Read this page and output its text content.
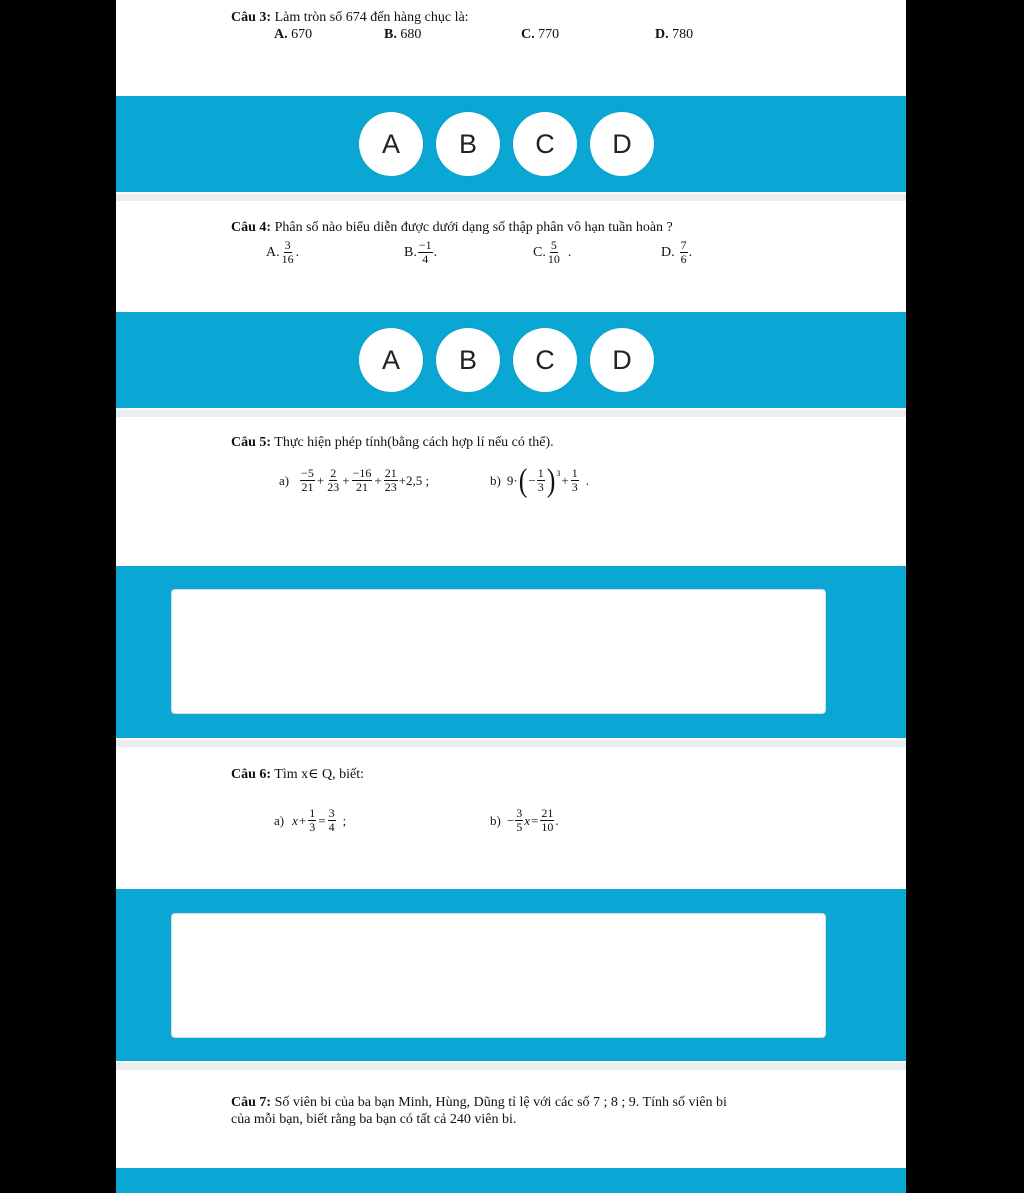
Câu 3: Làm tròn số 674 đến hàng chục là:
A. 670	B. 680	C. 770	D. 780
A	B	C	D
Câu 4: Phân số nào biểu diễn được dưới dạng số thập phân vô hạn tuần hoàn ?
A. $\frac{3}{16}$ .	B. $\frac{-1}{4}$ .	C. $\frac{5}{10}$ .	D. $\frac{7}{6}$ .
A	B	C	D
Câu 5: Thực hiện phép tính(bằng cách hợp lí nếu có thể).
$a) \frac{-5}{21} + \frac{2}{23} + \frac{-16}{21} + \frac{21}{23} +2,5$ ;	b) 9· ( − $\frac{1}{3} )^3 + \frac{1}{3}$ .
Câu 6: Tìm x∈ Q, biết:
a) $x + \frac{1}{3} = \frac{3}{4}$ ;	$b) - \frac{3}{5}$ $x = \frac{21}{10}$ .
Câu 7: Số viên bi của ba bạn Minh, Hùng, Dũng tỉ lệ với các số 7 ; 8 ; 9. Tính số viên bi
của mỗi bạn, biết rằng ba bạn có tất cả 240 viên bi.
